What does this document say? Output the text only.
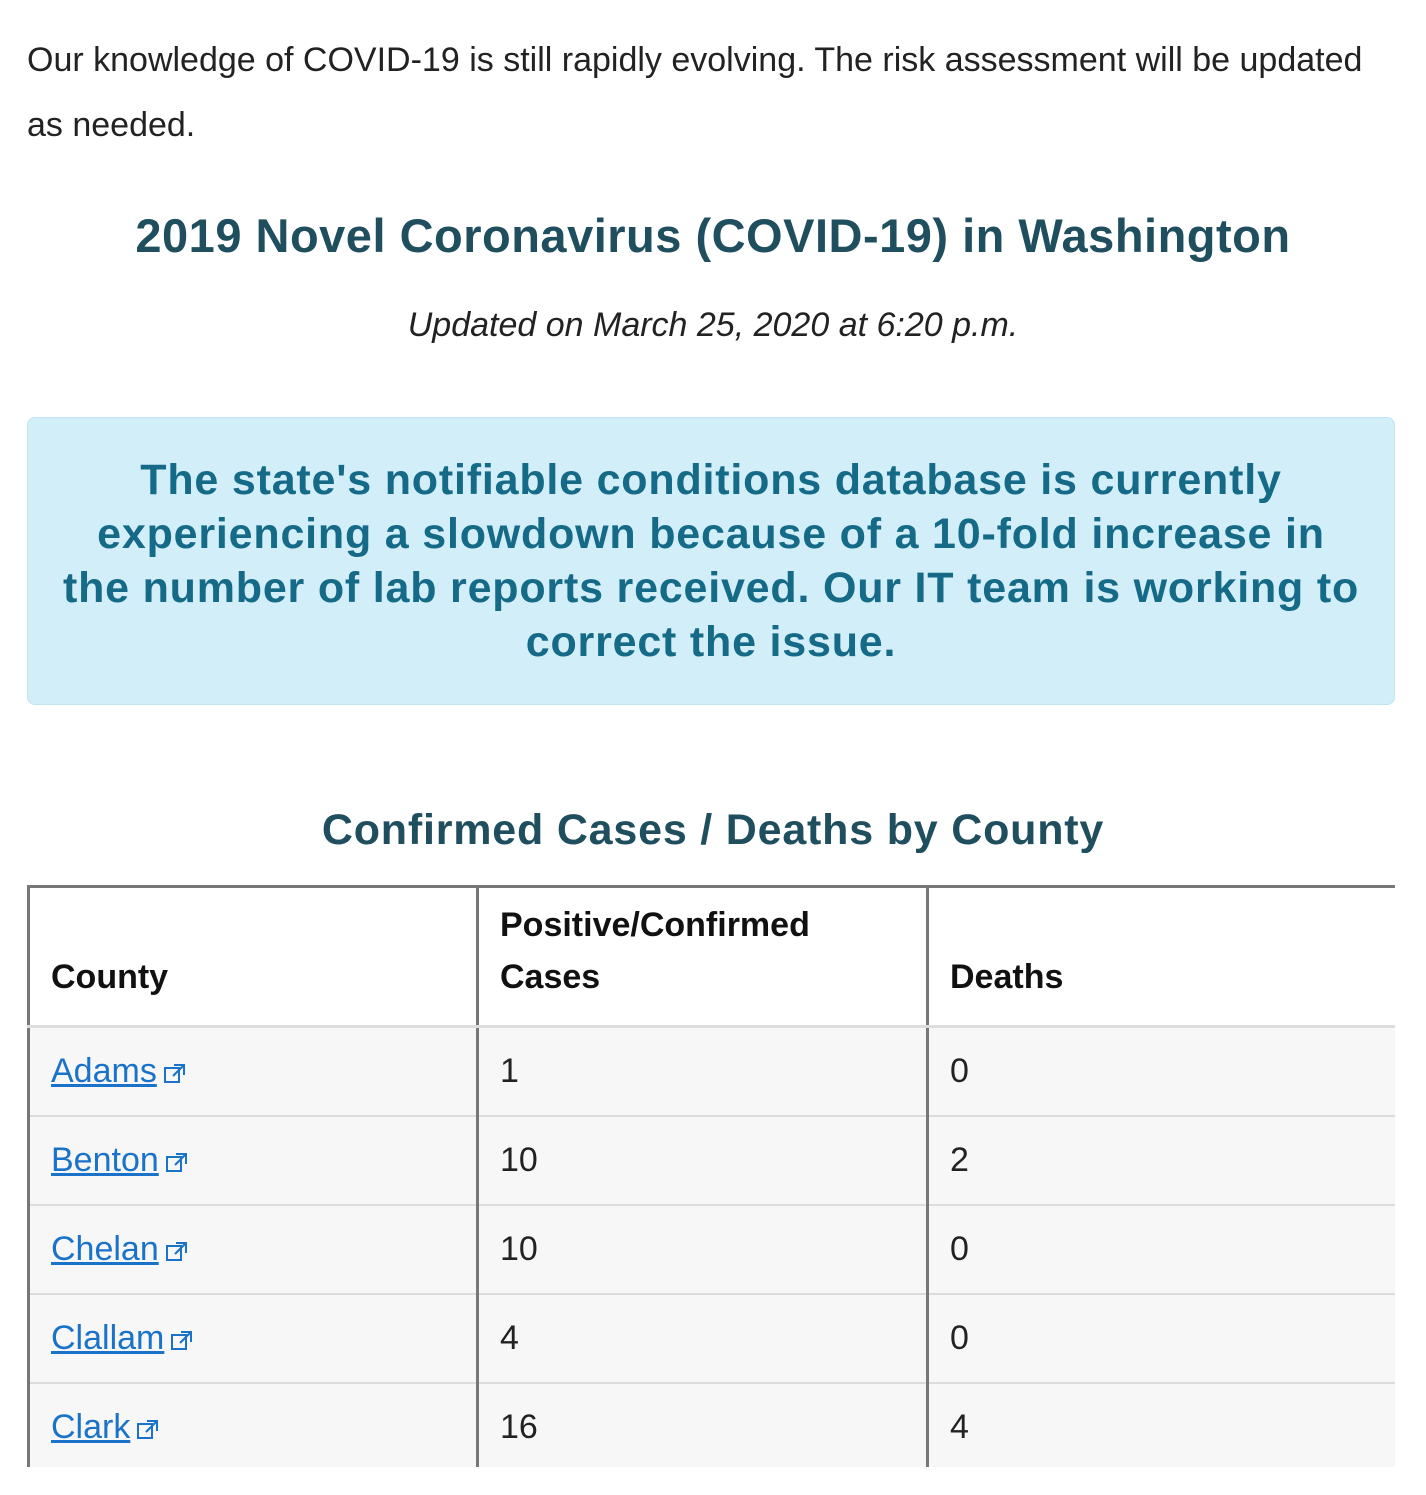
Our knowledge of COVID-19 is still rapidly evolving. The risk assessment will be updated as needed.

2019 Novel Coronavirus (COVID-19) in Washington
Updated on March 25, 2020 at 6:20 p.m.
The state's notifiable conditions database is currently experiencing a slowdown because of a 10-fold increase in the number of lab reports received. Our IT team is working to correct the issue.
Confirmed Cases / Deaths by County
County	Positive/Confirmed Cases	Deaths
Adams	1	0
Benton	10	2
Chelan	10	0
Clallam	4	0
Clark	16	4
